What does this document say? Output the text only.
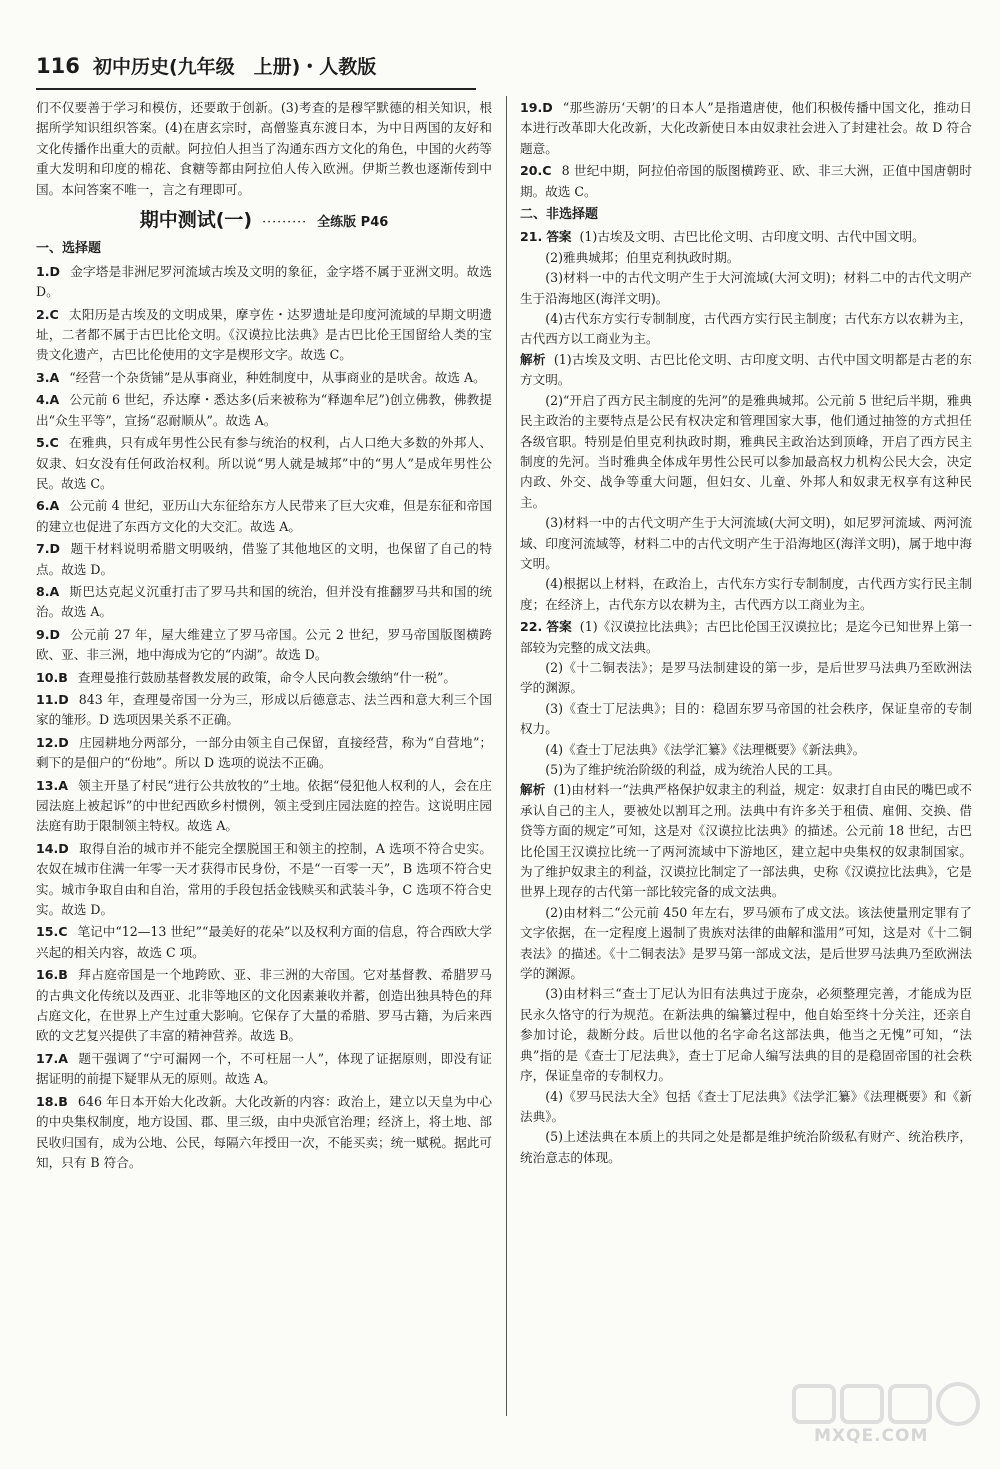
116 初中历史(九年级　上册)・人教版

们不仅要善于学习和模仿，还要敢于创新。(3)考查的是穆罕默德的相关知识，根据所学知识组织答案。(4)在唐玄宗时，高僧鉴真东渡日本，为中日两国的友好和文化传播作出重大的贡献。阿拉伯人担当了沟通东西方文化的角色，中国的火药等重大发明和印度的棉花、食糖等都由阿拉伯人传入欧洲。伊斯兰教也逐渐传到中国。本问答案不唯一，言之有理即可。

期中测试(一) ········· 全练版 P46
一、选择题

1.D 金字塔是非洲尼罗河流域古埃及文明的象征，金字塔不属于亚洲文明。故选 D。

2.C 太阳历是古埃及的文明成果，摩亨佐・达罗遗址是印度河流域的早期文明遗址，二者都不属于古巴比伦文明。《汉谟拉比法典》是古巴比伦王国留给人类的宝贵文化遗产，古巴比伦使用的文字是楔形文字。故选 C。

3.A “经营一个杂货铺”是从事商业，种姓制度中，从事商业的是吠舍。故选 A。

4.A 公元前 6 世纪，乔达摩・悉达多(后来被称为“释迦牟尼”)创立佛教，佛教提出“众生平等”，宣扬“忍耐顺从”。故选 A。

5.C 在雅典，只有成年男性公民有参与统治的权利，占人口绝大多数的外邦人、奴隶、妇女没有任何政治权利。所以说“男人就是城邦”中的“男人”是成年男性公民。故选 C。

6.A 公元前 4 世纪，亚历山大东征给东方人民带来了巨大灾难，但是东征和帝国的建立也促进了东西方文化的大交汇。故选 A。

7.D 题干材料说明希腊文明吸纳，借鉴了其他地区的文明，也保留了自己的特点。故选 D。

8.A 斯巴达克起义沉重打击了罗马共和国的统治，但并没有推翻罗马共和国的统治。故选 A。

9.D 公元前 27 年，屋大维建立了罗马帝国。公元 2 世纪，罗马帝国版图横跨欧、亚、非三洲，地中海成为它的“内湖”。故选 D。

10.B 查理曼推行鼓励基督教发展的政策，命令人民向教会缴纳“什一税”。

11.D 843 年，查理曼帝国一分为三，形成以后德意志、法兰西和意大利三个国家的雏形。D 选项因果关系不正确。

12.D 庄园耕地分两部分，一部分由领主自己保留，直接经营，称为“自营地”；剩下的是佃户的“份地”。所以 D 选项的说法不正确。

13.A 领主开垦了村民“进行公共放牧的”土地。依据“侵犯他人权利的人，会在庄园法庭上被起诉”的中世纪西欧乡村惯例，领主受到庄园法庭的控告。这说明庄园法庭有助于限制领主特权。故选 A。

14.D 取得自治的城市并不能完全摆脱国王和领主的控制，A 选项不符合史实。农奴在城市住满一年零一天才获得市民身份，不是“一百零一天”，B 选项不符合史实。城市争取自由和自治，常用的手段包括金钱赎买和武装斗争，C 选项不符合史实。故选 D。

15.C 笔记中“12—13 世纪”“最美好的花朵”以及权利方面的信息，符合西欧大学兴起的相关内容，故选 C 项。

16.B 拜占庭帝国是一个地跨欧、亚、非三洲的大帝国。它对基督教、希腊罗马的古典文化传统以及西亚、北非等地区的文化因素兼收并蓄，创造出独具特色的拜占庭文化，在世界上产生过重大影响。它保存了大量的希腊、罗马古籍，为后来西欧的文艺复兴提供了丰富的精神营养。故选 B。

17.A 题干强调了“宁可漏网一个，不可枉屈一人”，体现了证据原则，即没有证据证明的前提下疑罪从无的原则。故选 A。

18.B 646 年日本开始大化改新。大化改新的内容：政治上，建立以天皇为中心的中央集权制度，地方设国、郡、里三级，由中央派官治理；经济上，将土地、部民收归国有，成为公地、公民，每隔六年授田一次，不能买卖；统一赋税。据此可知，只有 B 符合。

19.D “那些游历‘天朝’的日本人”是指遣唐使，他们积极传播中国文化，推动日本进行改革即大化改新，大化改新使日本由奴隶社会进入了封建社会。故 D 符合题意。

20.C 8 世纪中期，阿拉伯帝国的版图横跨亚、欧、非三大洲，正值中国唐朝时期。故选 C。

二、非选择题

21. 答案 (1)古埃及文明、古巴比伦文明、古印度文明、古代中国文明。

(2)雅典城邦；伯里克利执政时期。

(3)材料一中的古代文明产生于大河流域(大河文明)；材料二中的古代文明产生于沿海地区(海洋文明)。

(4)古代东方实行专制制度，古代西方实行民主制度；古代东方以农耕为主，古代西方以工商业为主。

解析 (1)古埃及文明、古巴比伦文明、古印度文明、古代中国文明都是古老的东方文明。

(2)“开启了西方民主制度的先河”的是雅典城邦。公元前 5 世纪后半期，雅典民主政治的主要特点是公民有权决定和管理国家大事，他们通过抽签的方式担任各级官职。特别是伯里克利执政时期，雅典民主政治达到顶峰，开启了西方民主制度的先河。当时雅典全体成年男性公民可以参加最高权力机构公民大会，决定内政、外交、战争等重大问题，但妇女、儿童、外邦人和奴隶无权享有这种民主。

(3)材料一中的古代文明产生于大河流域(大河文明)，如尼罗河流域、两河流域、印度河流域等，材料二中的古代文明产生于沿海地区(海洋文明)，属于地中海文明。

(4)根据以上材料，在政治上，古代东方实行专制制度，古代西方实行民主制度；在经济上，古代东方以农耕为主，古代西方以工商业为主。

22. 答案 (1)《汉谟拉比法典》；古巴比伦国王汉谟拉比；是迄今已知世界上第一部较为完整的成文法典。

(2)《十二铜表法》；是罗马法制建设的第一步，是后世罗马法典乃至欧洲法学的渊源。

(3)《查士丁尼法典》；目的：稳固东罗马帝国的社会秩序，保证皇帝的专制权力。

(4)《查士丁尼法典》《法学汇纂》《法理概要》《新法典》。

(5)为了维护统治阶级的利益，成为统治人民的工具。

解析 (1)由材料一“法典严格保护奴隶主的利益，规定：奴隶打自由民的嘴巴或不承认自己的主人，要被处以割耳之刑。法典中有许多关于租债、雇佣、交换、借贷等方面的规定”可知，这是对《汉谟拉比法典》的描述。公元前 18 世纪，古巴比伦国王汉谟拉比统一了两河流域中下游地区，建立起中央集权的奴隶制国家。为了维护奴隶主的利益，汉谟拉比制定了一部法典，史称《汉谟拉比法典》，它是世界上现存的古代第一部比较完备的成文法典。

(2)由材料二“公元前 450 年左右，罗马颁布了成文法。该法使量刑定罪有了文字依据，在一定程度上遏制了贵族对法律的曲解和滥用”可知，这是对《十二铜表法》的描述。《十二铜表法》是罗马第一部成文法，是后世罗马法典乃至欧洲法学的渊源。

(3)由材料三“查士丁尼认为旧有法典过于庞杂，必须整理完善，才能成为臣民永久恪守的行为规范。在新法典的编纂过程中，他自始至终十分关注，还亲自参加讨论，裁断分歧。后世以他的名字命名这部法典，他当之无愧”可知，“法典”指的是《查士丁尼法典》，查士丁尼命人编写法典的目的是稳固帝国的社会秩序，保证皇帝的专制权力。

(4)《罗马民法大全》包括《查士丁尼法典》《法学汇纂》《法理概要》和《新法典》。

(5)上述法典在本质上的共同之处是都是维护统治阶级私有财产、统治秩序，统治意志的体现。

MXQE.COM
